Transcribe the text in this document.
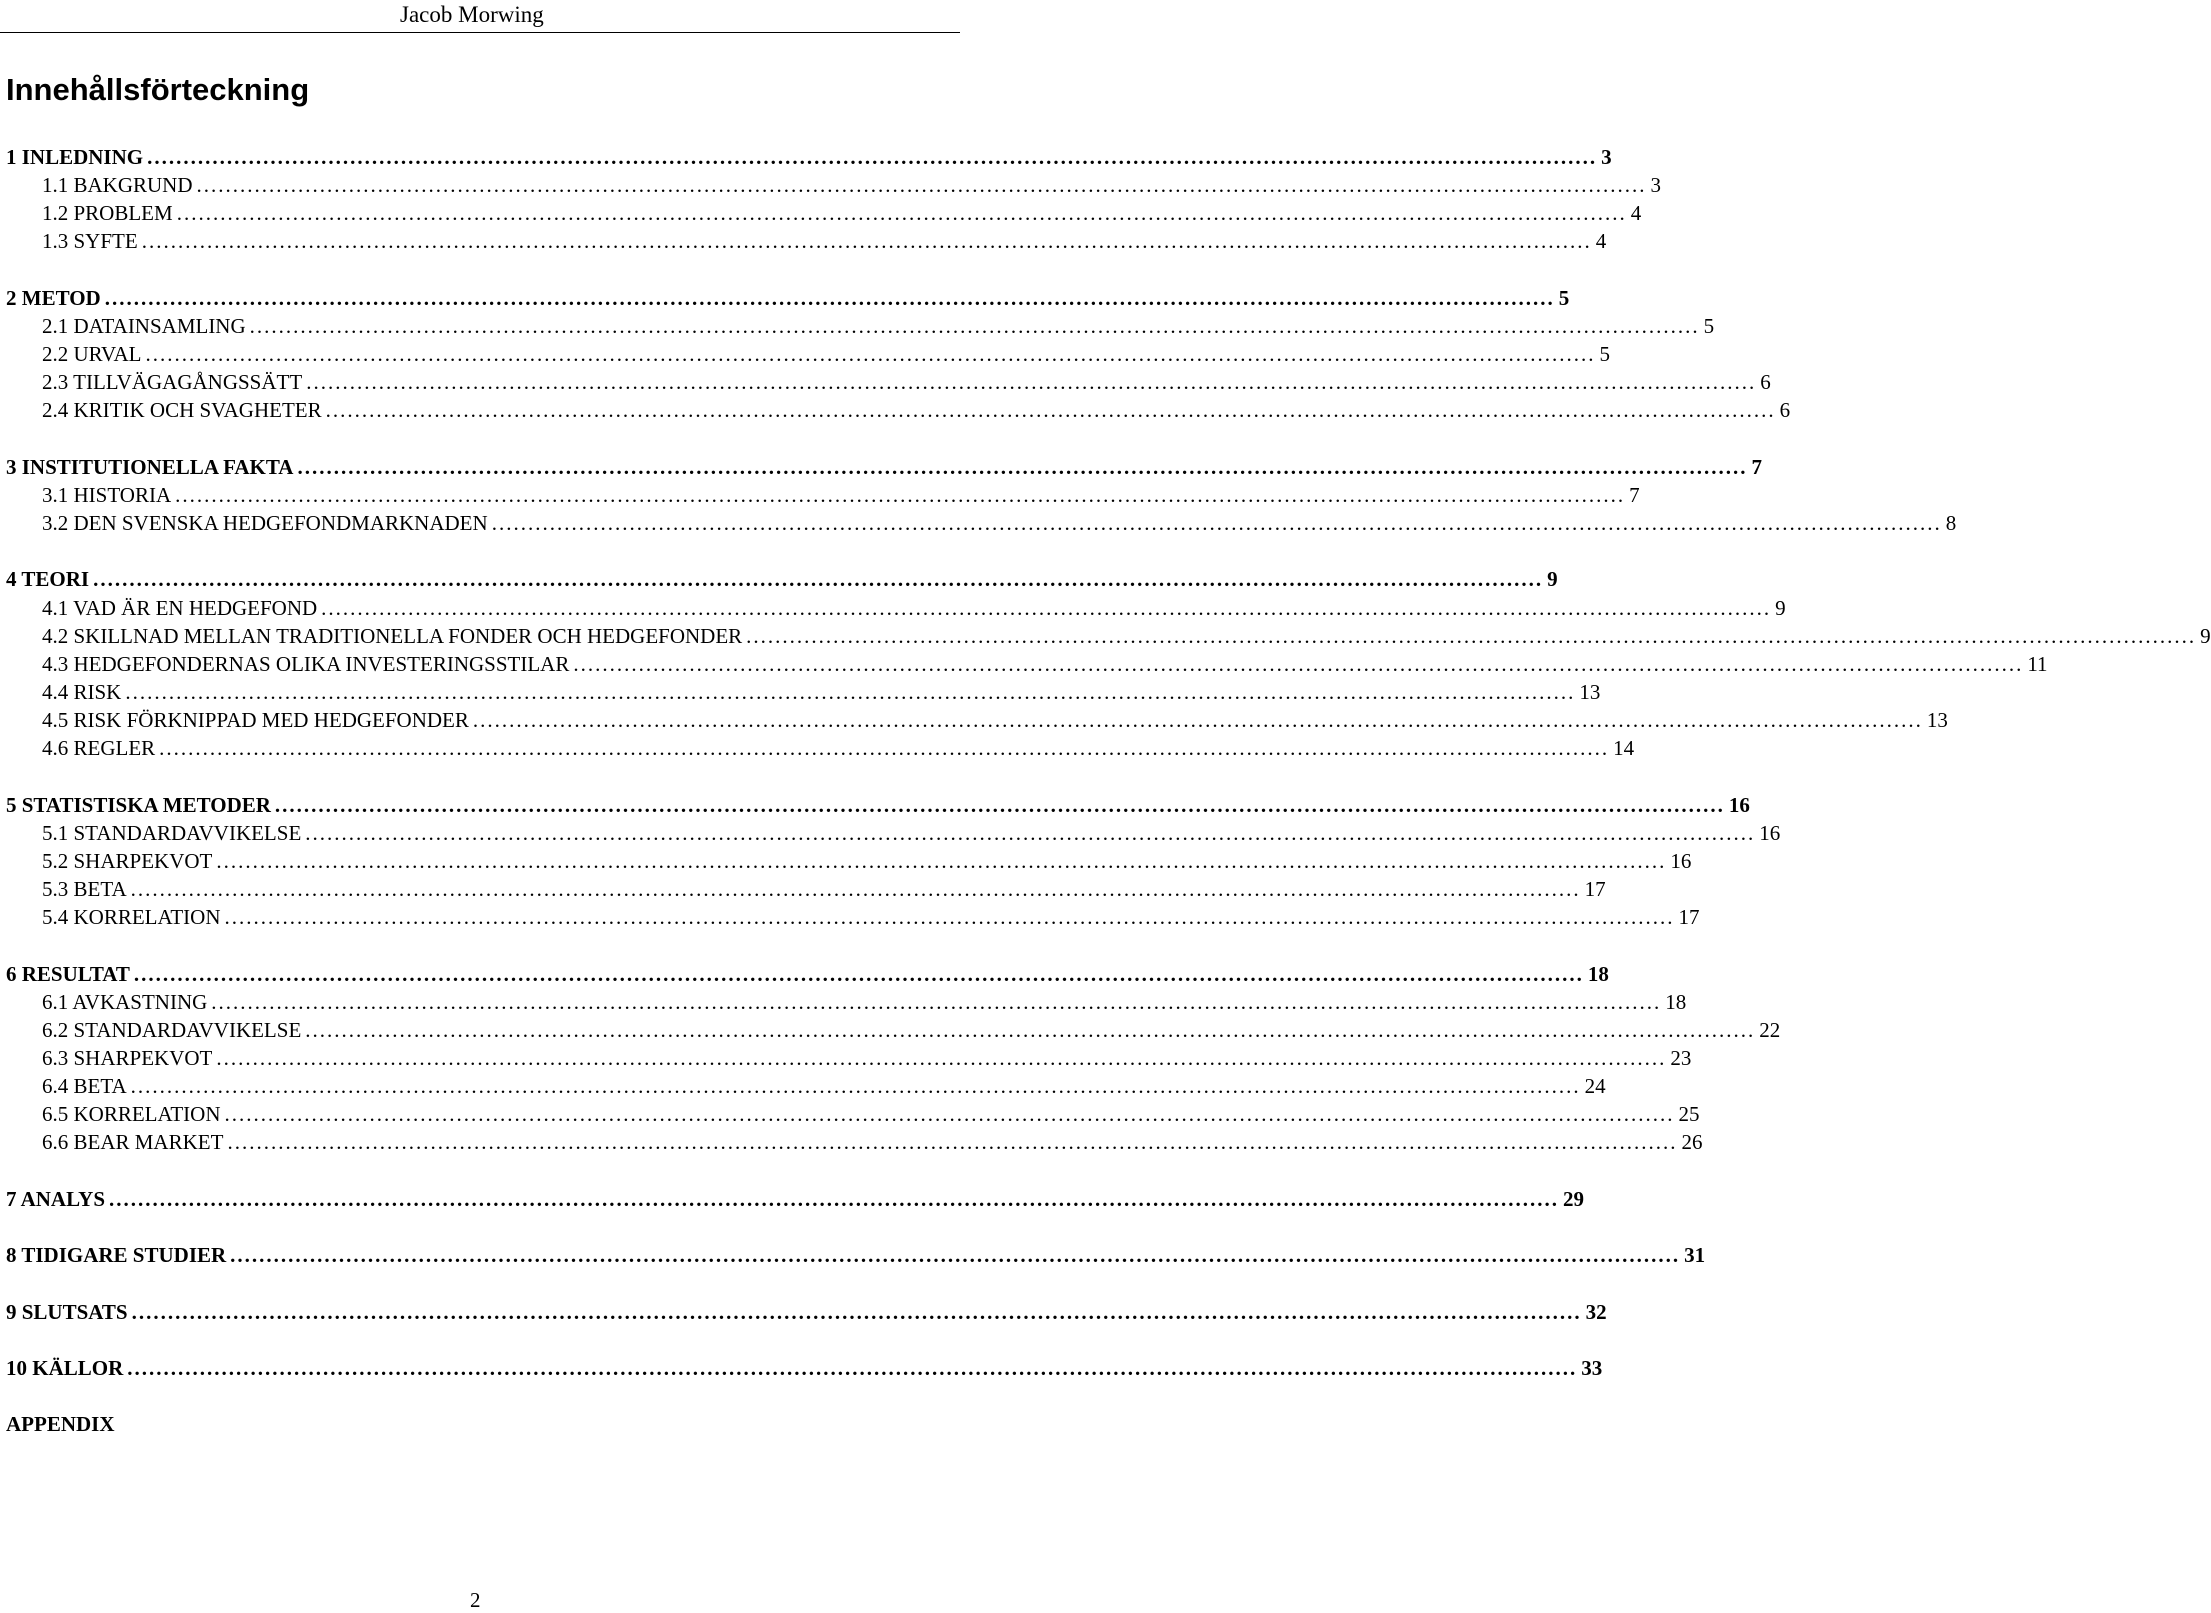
Jacob Morwing
Innehållsförteckning
1 INLEDNING ........................................................................................................................................................................................................ 3
1.1 BAKGRUND ........................................................................................................................................................................................................ 3
1.2 PROBLEM ........................................................................................................................................................................................................ 4
1.3 SYFTE ........................................................................................................................................................................................................ 4
2 METOD ........................................................................................................................................................................................................ 5
2.1 DATAINSAMLING ........................................................................................................................................................................................................ 5
2.2 URVAL ........................................................................................................................................................................................................ 5
2.3 TILLVÄGAGÅNGSSÄTT ........................................................................................................................................................................................................ 6
2.4 KRITIK OCH SVAGHETER ........................................................................................................................................................................................................ 6
3 INSTITUTIONELLA FAKTA ........................................................................................................................................................................................................ 7
3.1 HISTORIA ........................................................................................................................................................................................................ 7
3.2 DEN SVENSKA HEDGEFONDMARKNADEN ........................................................................................................................................................................................................ 8
4 TEORI ........................................................................................................................................................................................................ 9
4.1 VAD ÄR EN HEDGEFOND ........................................................................................................................................................................................................ 9
4.2 SKILLNAD MELLAN TRADITIONELLA FONDER OCH HEDGEFONDER ........................................................................................................................................................................................................ 9
4.3 HEDGEFONDERNAS OLIKA INVESTERINGSSTILAR ........................................................................................................................................................................................................ 11
4.4 RISK ........................................................................................................................................................................................................ 13
4.5 RISK FÖRKNIPPAD MED HEDGEFONDER ........................................................................................................................................................................................................ 13
4.6 REGLER ........................................................................................................................................................................................................ 14
5 STATISTISKA METODER ........................................................................................................................................................................................................ 16
5.1 STANDARDAVVIKELSE ........................................................................................................................................................................................................ 16
5.2 SHARPEKVOT ........................................................................................................................................................................................................ 16
5.3 BETA ........................................................................................................................................................................................................ 17
5.4 KORRELATION ........................................................................................................................................................................................................ 17
6 RESULTAT ........................................................................................................................................................................................................ 18
6.1 AVKASTNING ........................................................................................................................................................................................................ 18
6.2 STANDARDAVVIKELSE ........................................................................................................................................................................................................ 22
6.3 SHARPEKVOT ........................................................................................................................................................................................................ 23
6.4 BETA ........................................................................................................................................................................................................ 24
6.5 KORRELATION ........................................................................................................................................................................................................ 25
6.6 BEAR MARKET ........................................................................................................................................................................................................ 26
7 ANALYS ........................................................................................................................................................................................................ 29
8 TIDIGARE STUDIER ........................................................................................................................................................................................................ 31
9 SLUTSATS ........................................................................................................................................................................................................ 32
10 KÄLLOR ........................................................................................................................................................................................................ 33
APPENDIX
2
